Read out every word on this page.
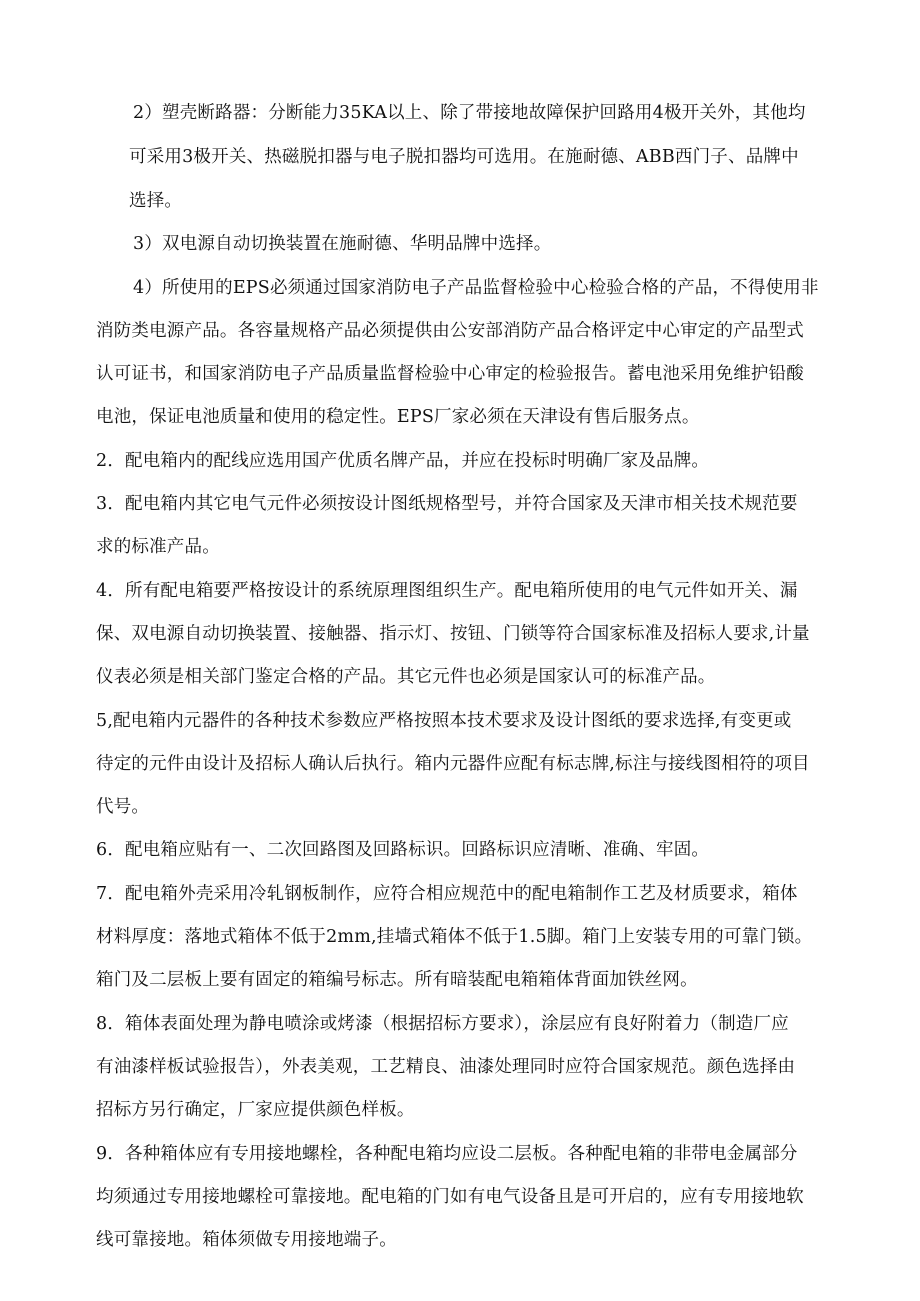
2）塑壳断路器：分断能力35KA以上、除了带接地故障保护回路用4极开关外，其他均
可采用3极开关、热磁脱扣器与电子脱扣器均可选用。在施耐德、ABB西门子、品牌中
选择。
3）双电源自动切换装置在施耐德、华明品牌中选择。
4）所使用的EPS必须通过国家消防电子产品监督检验中心检验合格的产品，不得使用非
消防类电源产品。各容量规格产品必须提供由公安部消防产品合格评定中心审定的产品型式
认可证书，和国家消防电子产品质量监督检验中心审定的检验报告。蓄电池采用免维护铅酸
电池，保证电池质量和使用的稳定性。EPS厂家必须在天津设有售后服务点。
2．配电箱内的配线应选用国产优质名牌产品，并应在投标时明确厂家及品牌。
3．配电箱内其它电气元件必须按设计图纸规格型号，并符合国家及天津市相关技术规范要
求的标准产品。
4．所有配电箱要严格按设计的系统原理图组织生产。配电箱所使用的电气元件如开关、漏
保、双电源自动切换装置、接触器、指示灯、按钮、门锁等符合国家标准及招标人要求,计量
仪表必须是相关部门鉴定合格的产品。其它元件也必须是国家认可的标准产品。
5,配电箱内元器件的各种技术参数应严格按照本技术要求及设计图纸的要求选择,有变更或
待定的元件由设计及招标人确认后执行。箱内元器件应配有标志牌,标注与接线图相符的项目
代号。
6．配电箱应贴有一、二次回路图及回路标识。回路标识应清晰、准确、牢固。
7．配电箱外壳采用冷轧钢板制作，应符合相应规范中的配电箱制作工艺及材质要求，箱体
材料厚度：落地式箱体不低于2mm,挂墙式箱体不低于1.5脚。箱门上安装专用的可靠门锁。
箱门及二层板上要有固定的箱编号标志。所有暗装配电箱箱体背面加铁丝网。
8．箱体表面处理为静电喷涂或烤漆（根据招标方要求），涂层应有良好附着力（制造厂应
有油漆样板试验报告），外表美观，工艺精良、油漆处理同时应符合国家规范。颜色选择由
招标方另行确定，厂家应提供颜色样板。
9．各种箱体应有专用接地螺栓，各种配电箱均应设二层板。各种配电箱的非带电金属部分
均须通过专用接地螺栓可靠接地。配电箱的门如有电气设备且是可开启的，应有专用接地软
线可靠接地。箱体须做专用接地端子。
